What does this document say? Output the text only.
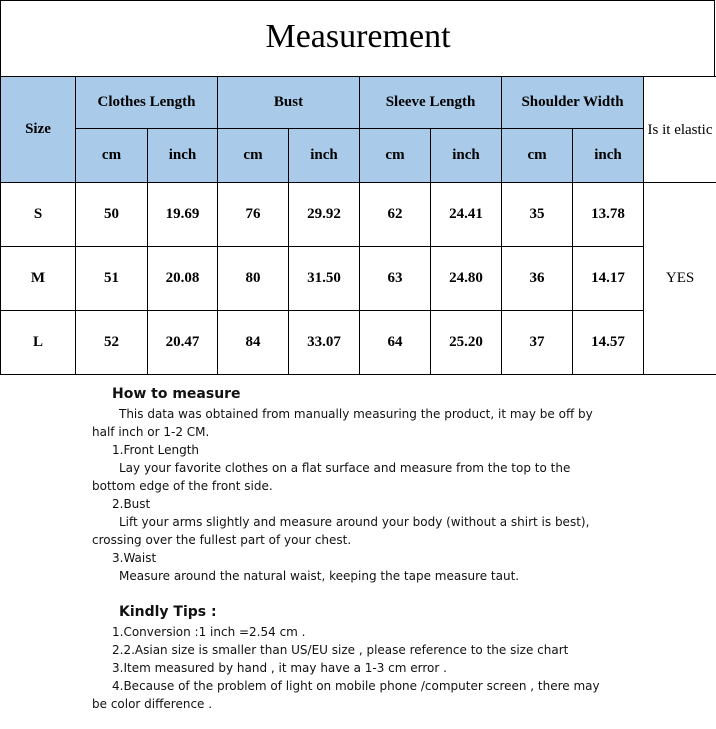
Measurement
Size	Clothes Length		Bust		Sleeve Length		Shoulder Width		Is it elastic
	cm	inch	cm	inch	cm	inch	cm	inch	
S	50	19.69	76	29.92	62	24.41	35	13.78	YES
M	51	20.08	80	31.50	63	24.80	36	14.17	
L	52	20.47	84	33.07	64	25.20	37	14.57	

How to measure

This data was obtained from manually measuring the product, it may be off by

half inch or 1-2 CM.

1.Front Length

Lay your favorite clothes on a flat surface and measure from the top to the

bottom edge of the front side.

2.Bust

Lift your arms slightly and measure around your body (without a shirt is best),

crossing over the fullest part of your chest.

3.Waist

Measure around the natural waist, keeping the tape measure taut.

Kindly Tips :

1.Conversion :1 inch =2.54 cm .

2.2.Asian size is smaller than US/EU size , please reference to the size chart

3.Item measured by hand , it may have a 1-3 cm error .

4.Because of the problem of light on mobile phone /computer screen , there may

be color difference .
